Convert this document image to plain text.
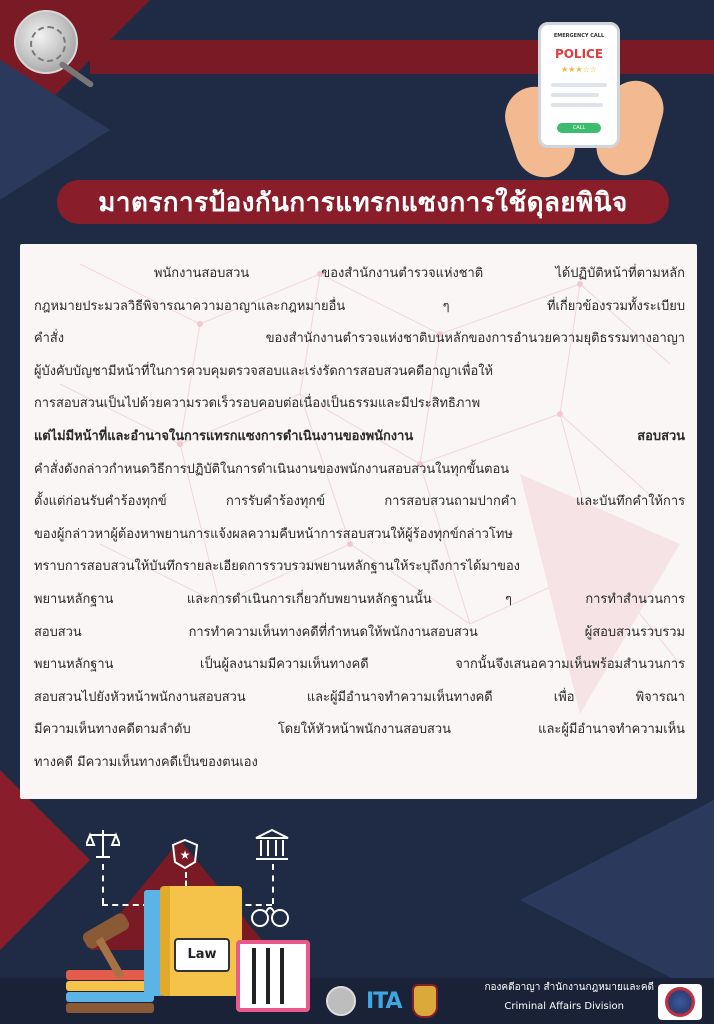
EMERGENCY CALL
POLICE
★★★☆☆
CALL
มาตรการป้องกันการแทรกแซงการใช้ดุลยพินิจ
พนักงานสอบสวน ของสำนักงานตำรวจแห่งชาติ ได้ปฏิบัติหน้าที่ตามหลัก
กฎหมายประมวลวิธีพิจารณาความอาญาและกฎหมายอื่น ๆ ที่เกี่ยวข้องรวมทั้งระเบียบ
คำสั่ง ของสำนักงานตำรวจแห่งชาติบนหลักของการอำนวยความยุติธรรมทางอาญา
ผู้บังคับบัญชามีหน้าที่ในการควบคุมตรวจสอบและเร่งรัดการสอบสวนคดีอาญาเพื่อให้
การสอบสวนเป็นไปด้วยความรวดเร็วรอบคอบต่อเนื่องเป็นธรรมและมีประสิทธิภาพ
แต่ไม่มีหน้าที่และอำนาจในการแทรกแซงการดำเนินงานของพนักงาน สอบสวน
คำสั่งดังกล่าวกำหนดวิธีการปฏิบัติในการดำเนินงานของพนักงานสอบสวนในทุกขั้นตอน
ตั้งแต่ก่อนรับคำร้องทุกข์ การรับคำร้องทุกข์ การสอบสวนถามปากคำ และบันทึกคำให้การ
ของผู้กล่าวหาผู้ต้องหาพยานการแจ้งผลความคืบหน้าการสอบสวนให้ผู้ร้องทุกข์กล่าวโทษ
ทราบการสอบสวนให้บันทึกรายละเอียดการรวบรวมพยานหลักฐานให้ระบุถึงการได้มาของ
พยานหลักฐาน และการดำเนินการเกี่ยวกับพยานหลักฐานนั้น ๆ การทำสำนวนการ
สอบสวน การทำความเห็นทางคดีที่กำหนดให้พนักงานสอบสวน ผู้สอบสวนรวบรวม
พยานหลักฐาน เป็นผู้ลงนามมีความเห็นทางคดี จากนั้นจึงเสนอความเห็นพร้อมสำนวนการ
สอบสวนไปยังหัวหน้าพนักงานสอบสวน และผู้มีอำนาจทำความเห็นทางคดี เพื่อ พิจารณา
มีความเห็นทางคดีตามลำดับ โดยให้หัวหน้าพนักงานสอบสวน และผู้มีอำนาจทำความเห็น
ทางคดี มีความเห็นทางคดีเป็นของตนเอง
★
Law
ITA
กองคดีอาญา สำนักงานกฎหมายและคดี
Criminal Affairs Division
